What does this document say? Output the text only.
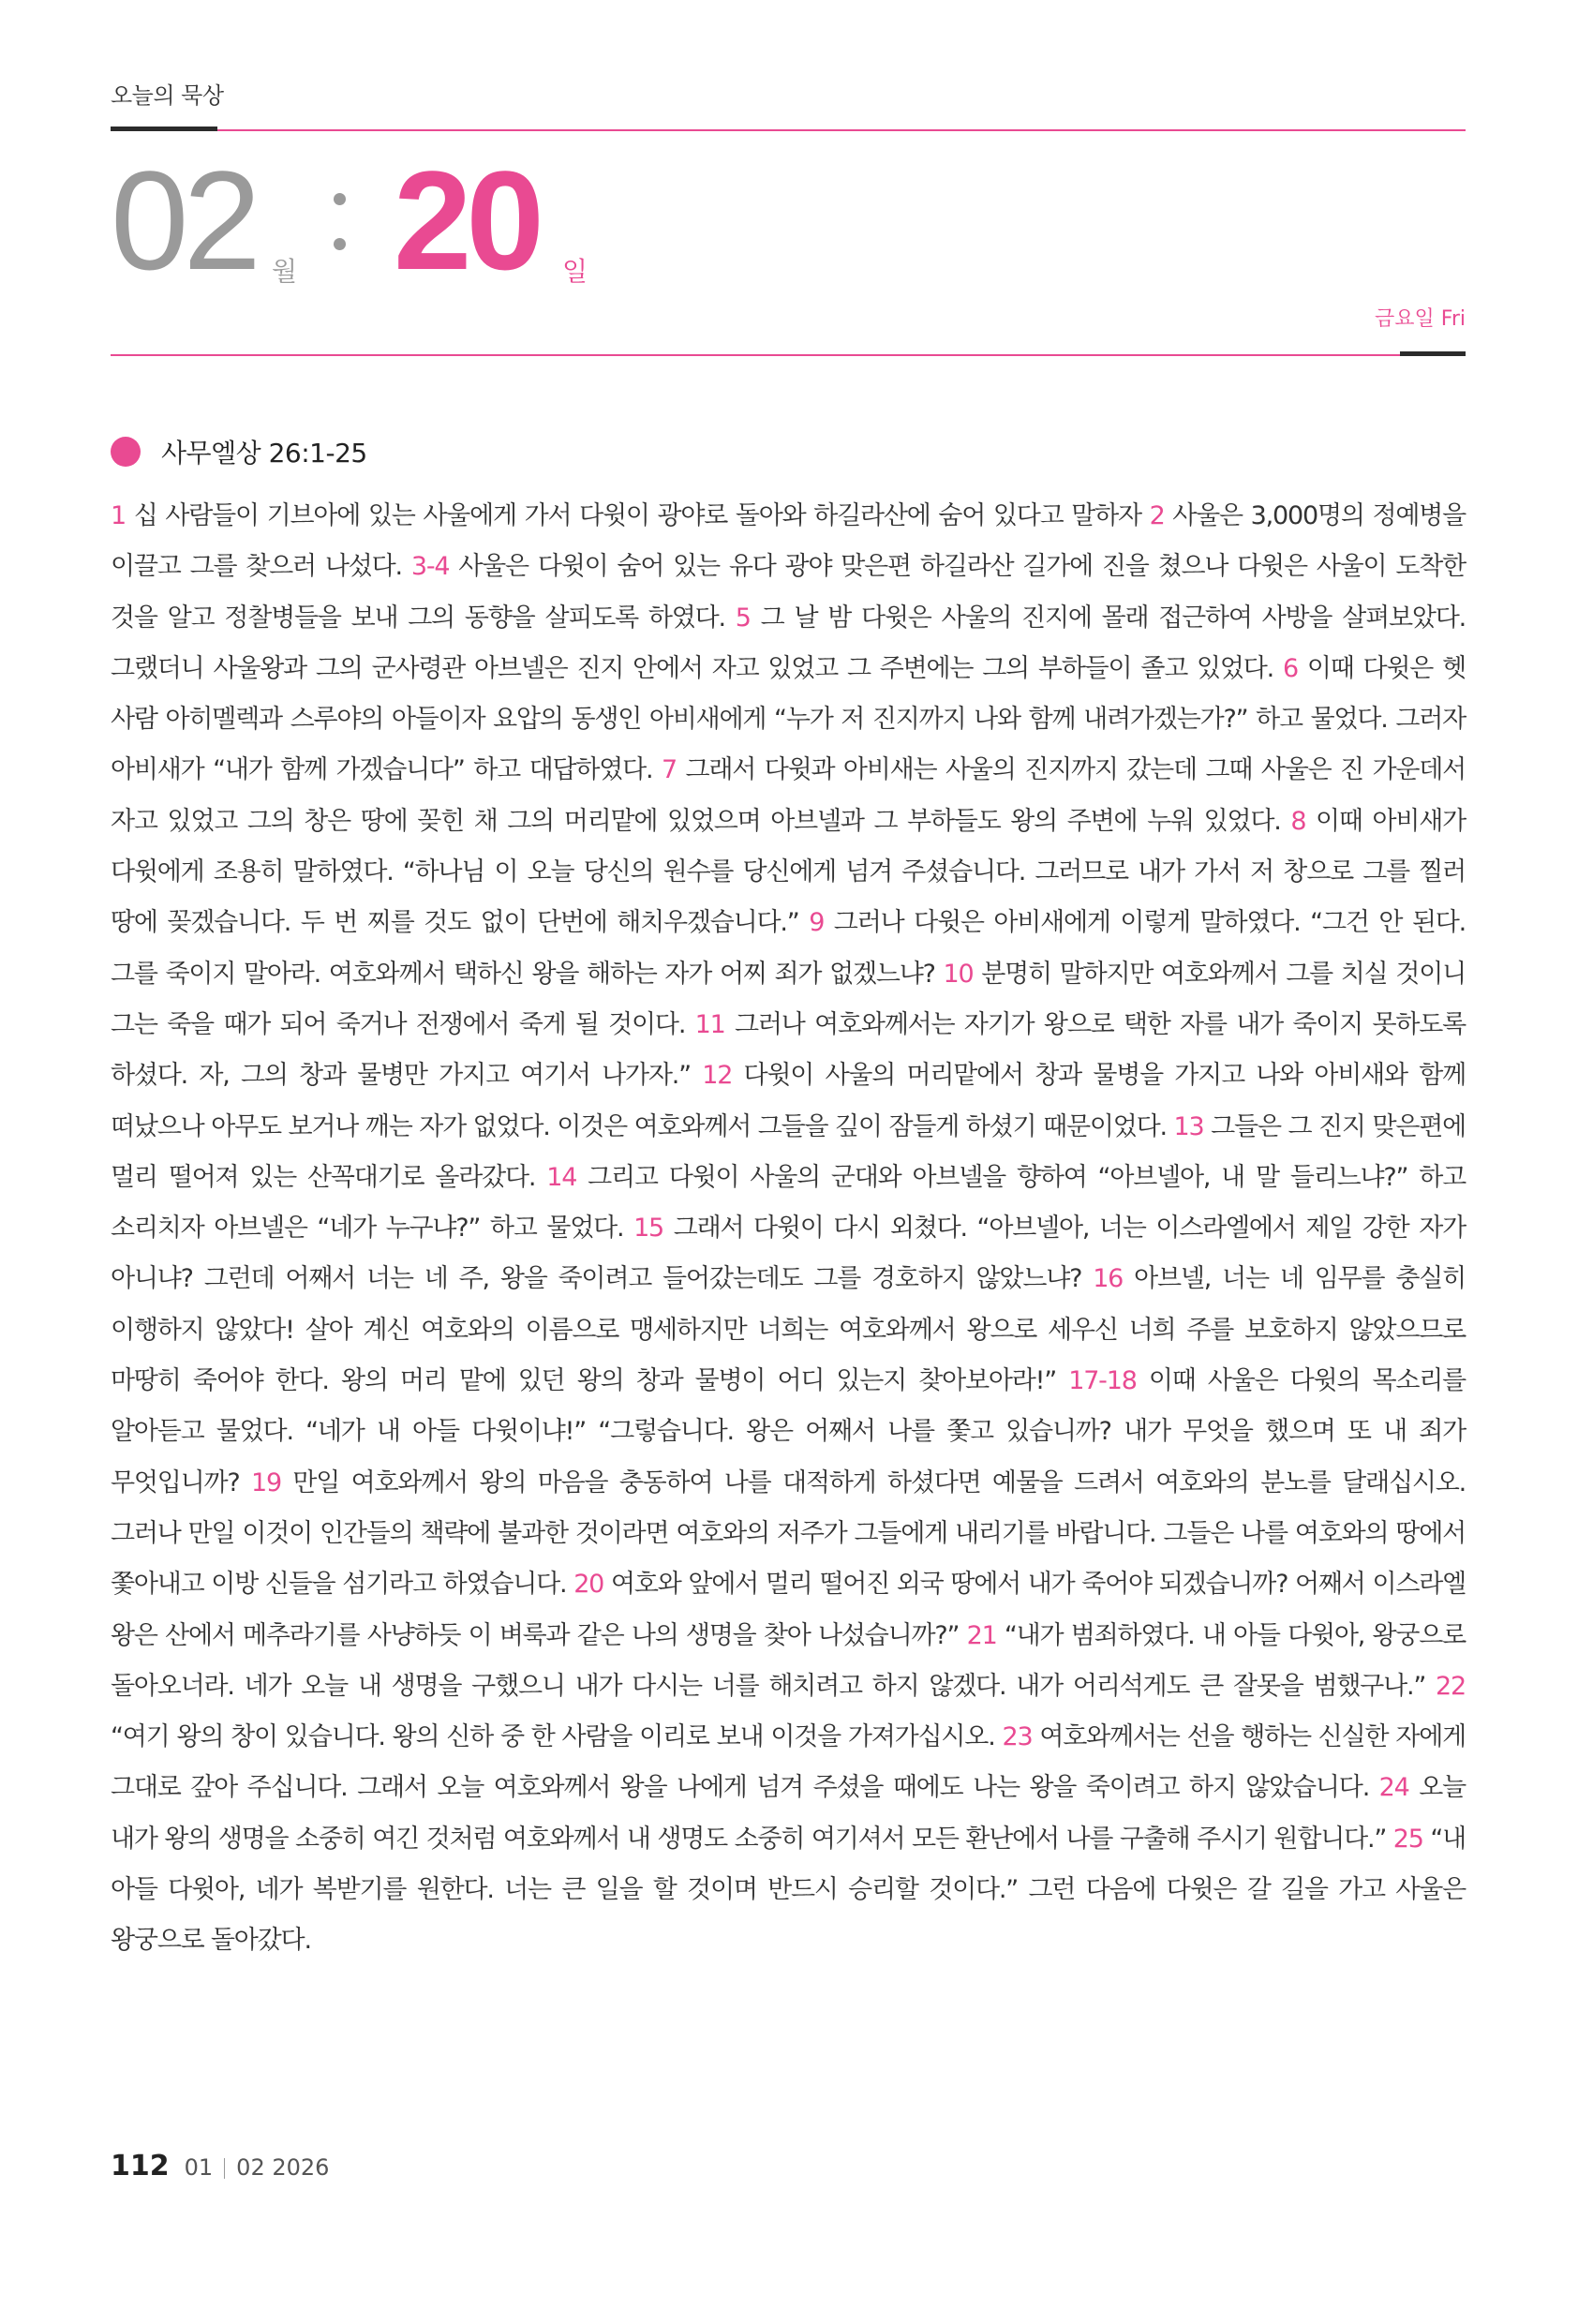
오늘의 묵상
02 월 20 일
금요일 Fri
사무엘상 26:1-25
1 십 사람들이 기브아에 있는 사울에게 가서 다윗이 광야로 돌아와 하길라산에 숨어 있다고 말하자 2 사울은 3,000명의 정예병을 이끌고 그를 찾으러 나섰다. 3-4 사울은 다윗이 숨어 있는 유다 광야 맞은편 하길라산 길가에 진을 쳤으나 다윗은 사울이 도착한 것을 알고 정찰병들을 보내 그의 동향을 살피도록 하였다. 5 그 날 밤 다윗은 사울의 진지에 몰래 접근하여 사방을 살펴보았다. 그랬더니 사울왕과 그의 군사령관 아브넬은 진지 안에서 자고 있었고 그 주변에는 그의 부하들이 졸고 있었다. 6 이때 다윗은 헷 사람 아히멜렉과 스루야의 아들이자 요압의 동생인 아비새에게 “누가 저 진지까지 나와 함께 내려가겠는가?” 하고 물었다. 그러자 아비새가 “내가 함께 가겠습니다” 하고 대답하였다. 7 그래서 다윗과 아비새는 사울의 진지까지 갔는데 그때 사울은 진 가운데서 자고 있었고 그의 창은 땅에 꽂힌 채 그의 머리맡에 있었으며 아브넬과 그 부하들도 왕의 주변에 누워 있었다. 8 이때 아비새가 다윗에게 조용히 말하였다. “하나님 이 오늘 당신의 원수를 당신에게 넘겨 주셨습니다. 그러므로 내가 가서 저 창으로 그를 찔러 땅에 꽂겠습니다. 두 번 찌를 것도 없이 단번에 해치우겠습니다.” 9 그러나 다윗은 아비새에게 이렇게 말하였다. “그건 안 된다. 그를 죽이지 말아라. 여호와께서 택하신 왕을 해하는 자가 어찌 죄가 없겠느냐? 10 분명히 말하지만 여호와께서 그를 치실 것이니 그는 죽을 때가 되어 죽거나 전쟁에서 죽게 될 것이다. 11 그러나 여호와께서는 자기가 왕으로 택한 자를 내가 죽이지 못하도록 하셨다. 자, 그의 창과 물병만 가지고 여기서 나가자.” 12 다윗이 사울의 머리맡에서 창과 물병을 가지고 나와 아비새와 함께 떠났으나 아무도 보거나 깨는 자가 없었다. 이것은 여호와께서 그들을 깊이 잠들게 하셨기 때문이었다. 13 그들은 그 진지 맞은편에 멀리 떨어져 있는 산꼭대기로 올라갔다. 14 그리고 다윗이 사울의 군대와 아브넬을 향하여 “아브넬아, 내 말 들리느냐?” 하고 소리치자 아브넬은 “네가 누구냐?” 하고 물었다. 15 그래서 다윗이 다시 외쳤다. “아브넬아, 너는 이스라엘에서 제일 강한 자가 아니냐? 그런데 어째서 너는 네 주, 왕을 죽이려고 들어갔는데도 그를 경호하지 않았느냐? 16 아브넬, 너는 네 임무를 충실히 이행하지 않았다! 살아 계신 여호와의 이름으로 맹세하지만 너희는 여호와께서 왕으로 세우신 너희 주를 보호하지 않았으므로 마땅히 죽어야 한다. 왕의 머리 맡에 있던 왕의 창과 물병이 어디 있는지 찾아보아라!” 17-18 이때 사울은 다윗의 목소리를 알아듣고 물었다. “네가 내 아들 다윗이냐!” “그렇습니다. 왕은 어째서 나를 쫓고 있습니까? 내가 무엇을 했으며 또 내 죄가 무엇입니까? 19 만일 여호와께서 왕의 마음을 충동하여 나를 대적하게 하셨다면 예물을 드려서 여호와의 분노를 달래십시오. 그러나 만일 이것이 인간들의 책략에 불과한 것이라면 여호와의 저주가 그들에게 내리기를 바랍니다. 그들은 나를 여호와의 땅에서 쫓아내고 이방 신들을 섬기라고 하였습니다. 20 여호와 앞에서 멀리 떨어진 외국 땅에서 내가 죽어야 되겠습니까? 어째서 이스라엘 왕은 산에서 메추라기를 사냥하듯 이 벼룩과 같은 나의 생명을 찾아 나섰습니까?” 21 “내가 범죄하였다. 내 아들 다윗아, 왕궁으로 돌아오너라. 네가 오늘 내 생명을 구했으니 내가 다시는 너를 해치려고 하지 않겠다. 내가 어리석게도 큰 잘못을 범했구나.” 22 “여기 왕의 창이 있습니다. 왕의 신하 중 한 사람을 이리로 보내 이것을 가져가십시오. 23 여호와께서는 선을 행하는 신실한 자에게 그대로 갚아 주십니다. 그래서 오늘 여호와께서 왕을 나에게 넘겨 주셨을 때에도 나는 왕을 죽이려고 하지 않았습니다. 24 오늘 내가 왕의 생명을 소중히 여긴 것처럼 여호와께서 내 생명도 소중히 여기셔서 모든 환난에서 나를 구출해 주시기 원합니다.” 25 “내 아들 다윗아, 네가 복받기를 원한다. 너는 큰 일을 할 것이며 반드시 승리할 것이다.” 그런 다음에 다윗은 갈 길을 가고 사울은 왕궁으로 돌아갔다.
112 01 02 2026
